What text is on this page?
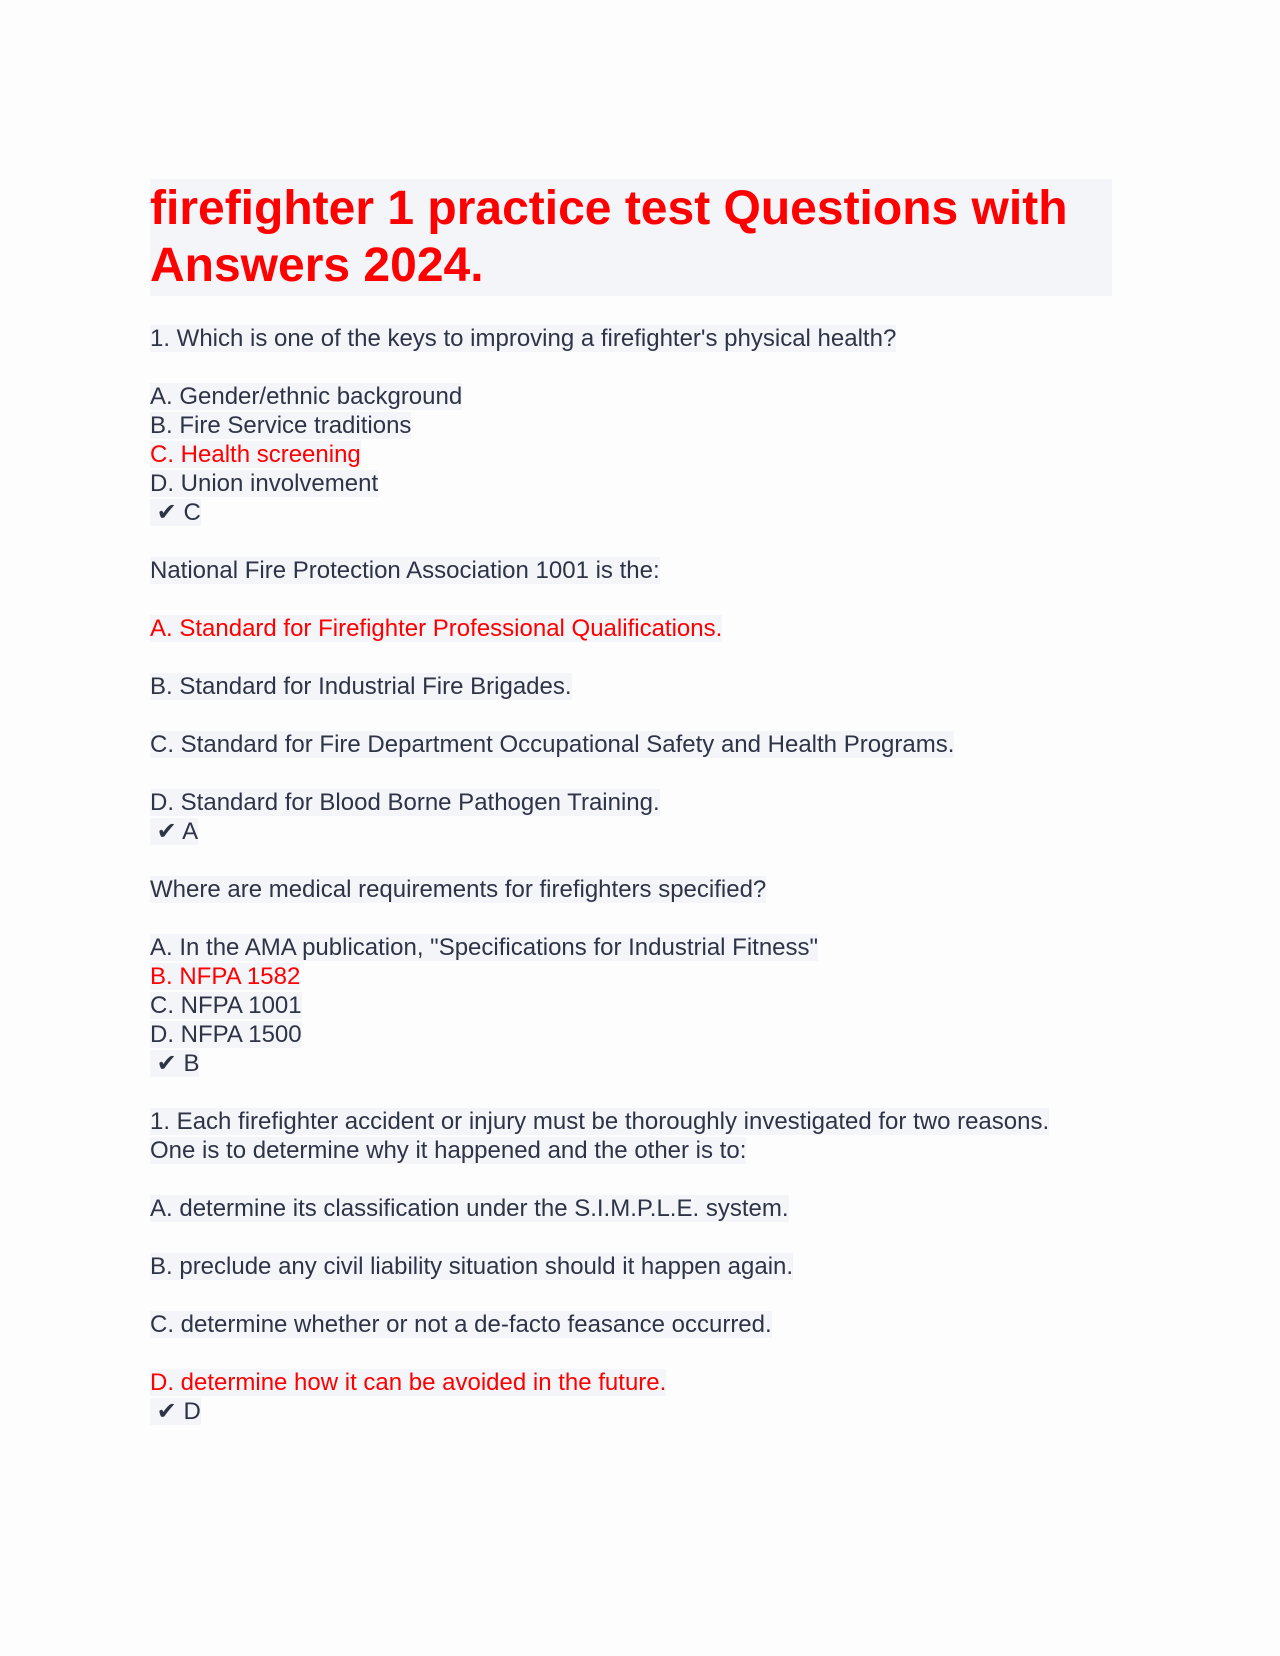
firefighter 1 practice test Questions with Answers 2024.
1. Which is one of the keys to improving a firefighter's physical health?
A. Gender/ethnic background
B. Fire Service traditions
C. Health screening
D. Union involvement
✔ C
National Fire Protection Association 1001 is the:
A. Standard for Firefighter Professional Qualifications.
B. Standard for Industrial Fire Brigades.
C. Standard for Fire Department Occupational Safety and Health Programs.
D. Standard for Blood Borne Pathogen Training.
✔ A
Where are medical requirements for firefighters specified?
A. In the AMA publication, "Specifications for Industrial Fitness"
B. NFPA 1582
C. NFPA 1001
D. NFPA 1500
✔ B
1. Each firefighter accident or injury must be thoroughly investigated for two reasons. One is to determine why it happened and the other is to:
A. determine its classification under the S.I.M.P.L.E. system.
B. preclude any civil liability situation should it happen again.
C. determine whether or not a de-facto feasance occurred.
D. determine how it can be avoided in the future.
✔ D
